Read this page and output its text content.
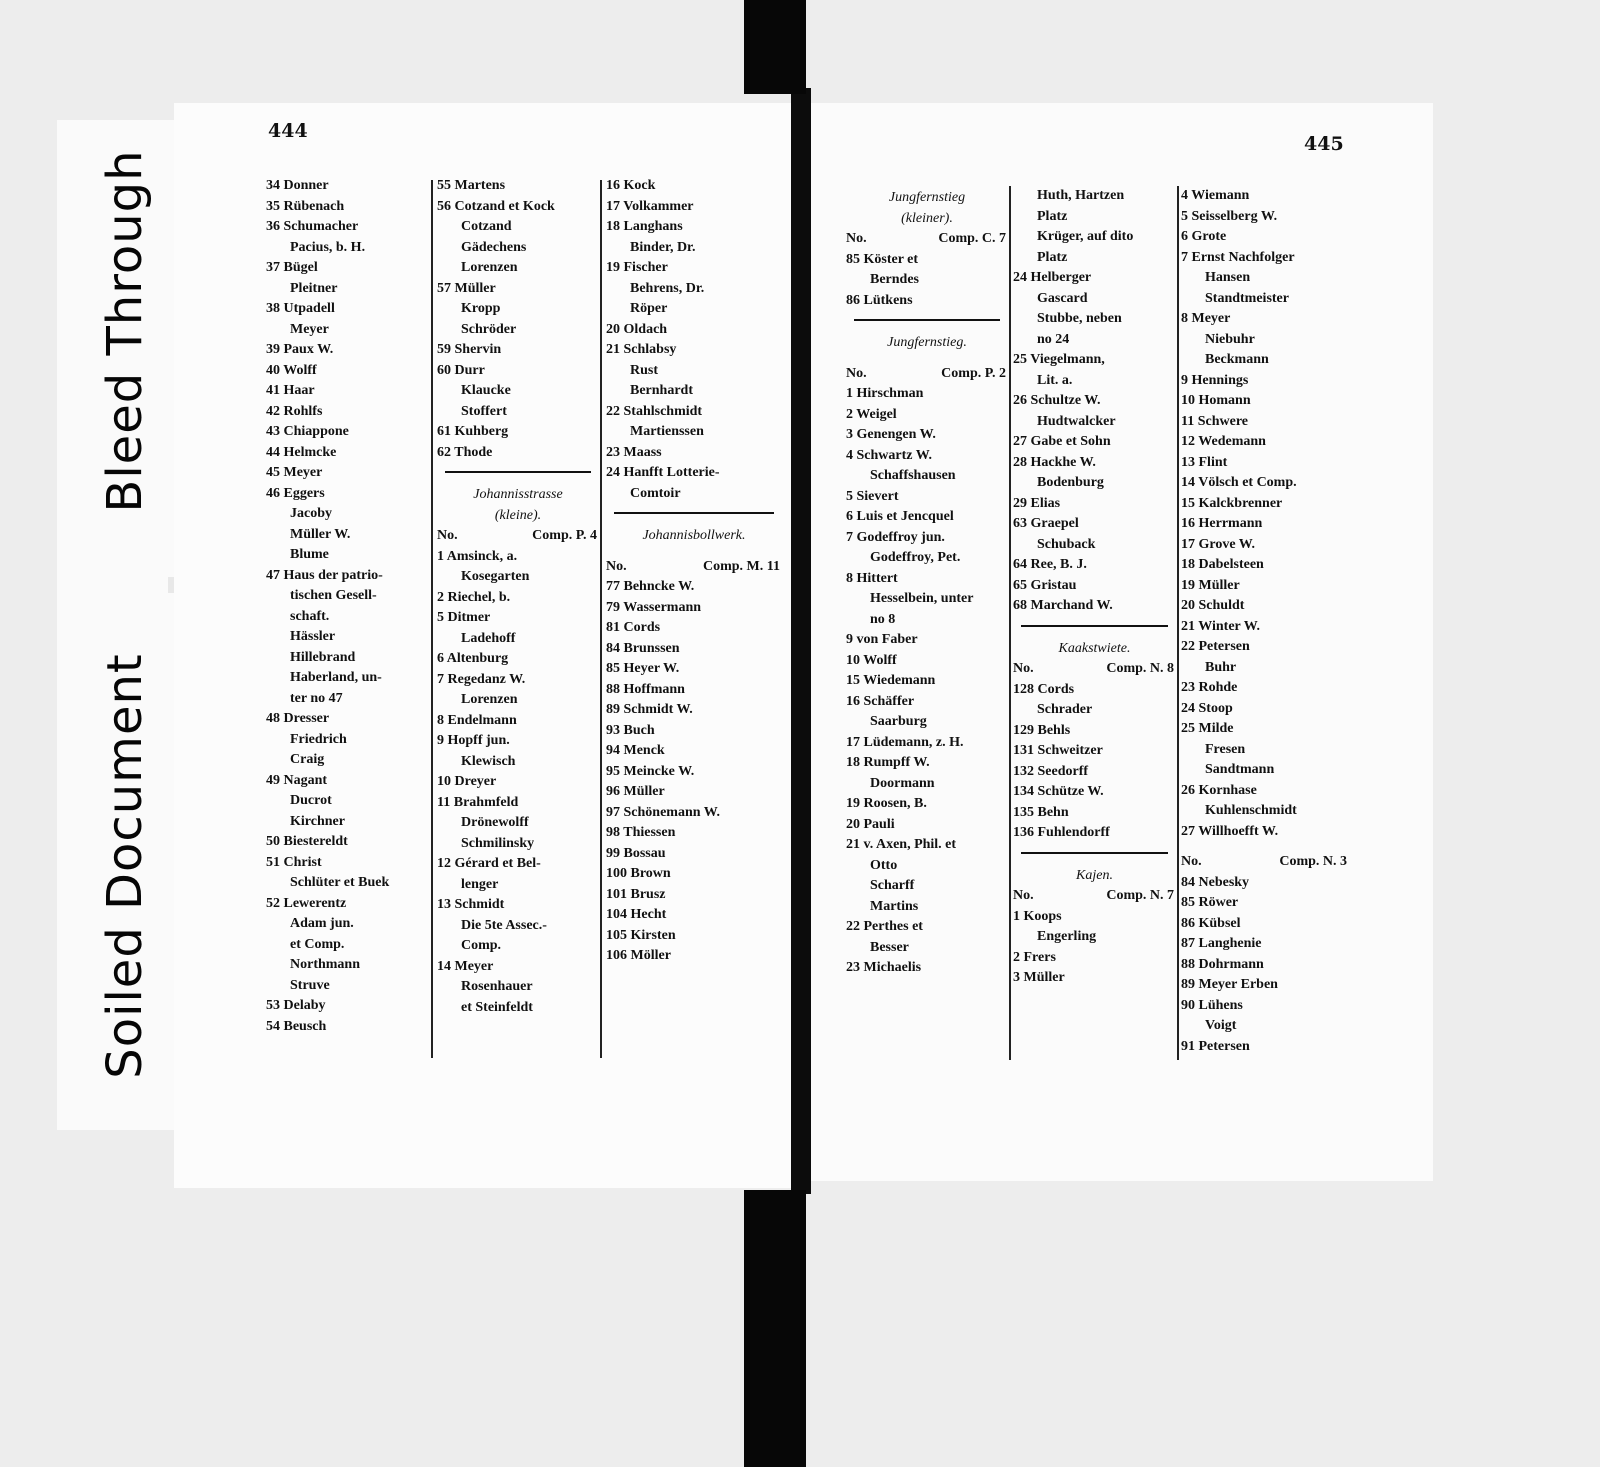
Bleed Through
Soiled Document
444
445
34 Donner
35 Rübenach
36 Schumacher
Pacius, b. H.
37 Bügel
Pleitner
38 Utpadell
Meyer
39 Paux W.
40 Wolff
41 Haar
42 Rohlfs
43 Chiappone
44 Helmcke
45 Meyer
46 Eggers
Jacoby
Müller W.
Blume
47 Haus der patrio-
tischen Gesell-
schaft.
Hässler
Hillebrand
Haberland, un-
ter no 47
48 Dresser
Friedrich
Craig
49 Nagant
Ducrot
Kirchner
50 Biestereldt
51 Christ
Schlüter et Buek
52 Lewerentz
Adam jun.
et Comp.
Northmann
Struve
53 Delaby
54 Beusch
55 Martens
56 Cotzand et Kock
Cotzand
Gädechens
Lorenzen
57 Müller
Kropp
Schröder
59 Shervin
60 Durr
Klaucke
Stoffert
61 Kuhberg
62 Thode
Johannisstrasse
(kleine).
No.	Comp. P. 4
1 Amsinck, a.
Kosegarten
2 Riechel, b.
5 Ditmer
Ladehoff
6 Altenburg
7 Regedanz W.
Lorenzen
8 Endelmann
9 Hopff jun.
Klewisch
10 Dreyer
11 Brahmfeld
Drönewolff
Schmilinsky
12 Gérard et Bel-
lenger
13 Schmidt
Die 5te Assec.-
Comp.
14 Meyer
Rosenhauer
et Steinfeldt
16 Kock
17 Volkammer
18 Langhans
Binder, Dr.
19 Fischer
Behrens, Dr.
Röper
20 Oldach
21 Schlabsy
Rust
Bernhardt
22 Stahlschmidt
Martienssen
23 Maass
24 Hanfft Lotterie-
Comtoir
Johannisbollwerk.
No.	Comp. M. 11
77 Behncke W.
79 Wassermann
81 Cords
84 Brunssen
85 Heyer W.
88 Hoffmann
89 Schmidt W.
93 Buch
94 Menck
95 Meincke W.
96 Müller
97 Schönemann W.
98 Thiessen
99 Bossau
100 Brown
101 Brusz
104 Hecht
105 Kirsten
106 Möller
Jungfernstieg
(kleiner).
No.	Comp. C. 7
85 Köster et
Berndes
86 Lütkens
Jungfernstieg.
No.	Comp. P. 2
1 Hirschman
2 Weigel
3 Genengen W.
4 Schwartz W.
Schaffshausen
5 Sievert
6 Luis et Jencquel
7 Godeffroy jun.
Godeffroy, Pet.
8 Hittert
Hesselbein, unter
no 8
9 von Faber
10 Wolff
15 Wiedemann
16 Schäffer
Saarburg
17 Lüdemann, z. H.
18 Rumpff W.
Doormann
19 Roosen, B.
20 Pauli
21 v. Axen, Phil. et
Otto
Scharff
Martins
22 Perthes et
Besser
23 Michaelis
Huth, Hartzen
Platz
Krüger, auf dito
Platz
24 Helberger
Gascard
Stubbe, neben
no 24
25 Viegelmann,
Lit. a.
26 Schultze W.
Hudtwalcker
27 Gabe et Sohn
28 Hackhe W.
Bodenburg
29 Elias
63 Graepel
Schuback
64 Ree, B. J.
65 Gristau
68 Marchand W.
Kaakstwiete.
No.	Comp. N. 8
128 Cords
Schrader
129 Behls
131 Schweitzer
132 Seedorff
134 Schütze W.
135 Behn
136 Fuhlendorff
Kajen.
No.	Comp. N. 7
1 Koops
Engerling
2 Frers
3 Müller
4 Wiemann
5 Seisselberg W.
6 Grote
7 Ernst Nachfolger
Hansen
Standtmeister
8 Meyer
Niebuhr
Beckmann
9 Hennings
10 Homann
11 Schwere
12 Wedemann
13 Flint
14 Völsch et Comp.
15 Kalckbrenner
16 Herrmann
17 Grove W.
18 Dabelsteen
19 Müller
20 Schuldt
21 Winter W.
22 Petersen
Buhr
23 Rohde
24 Stoop
25 Milde
Fresen
Sandtmann
26 Kornhase
Kuhlenschmidt
27 Willhoefft W.
No.	Comp. N. 3
84 Nebesky
85 Röwer
86 Kübsel
87 Langhenie
88 Dohrmann
89 Meyer Erben
90 Lühens
Voigt
91 Petersen
